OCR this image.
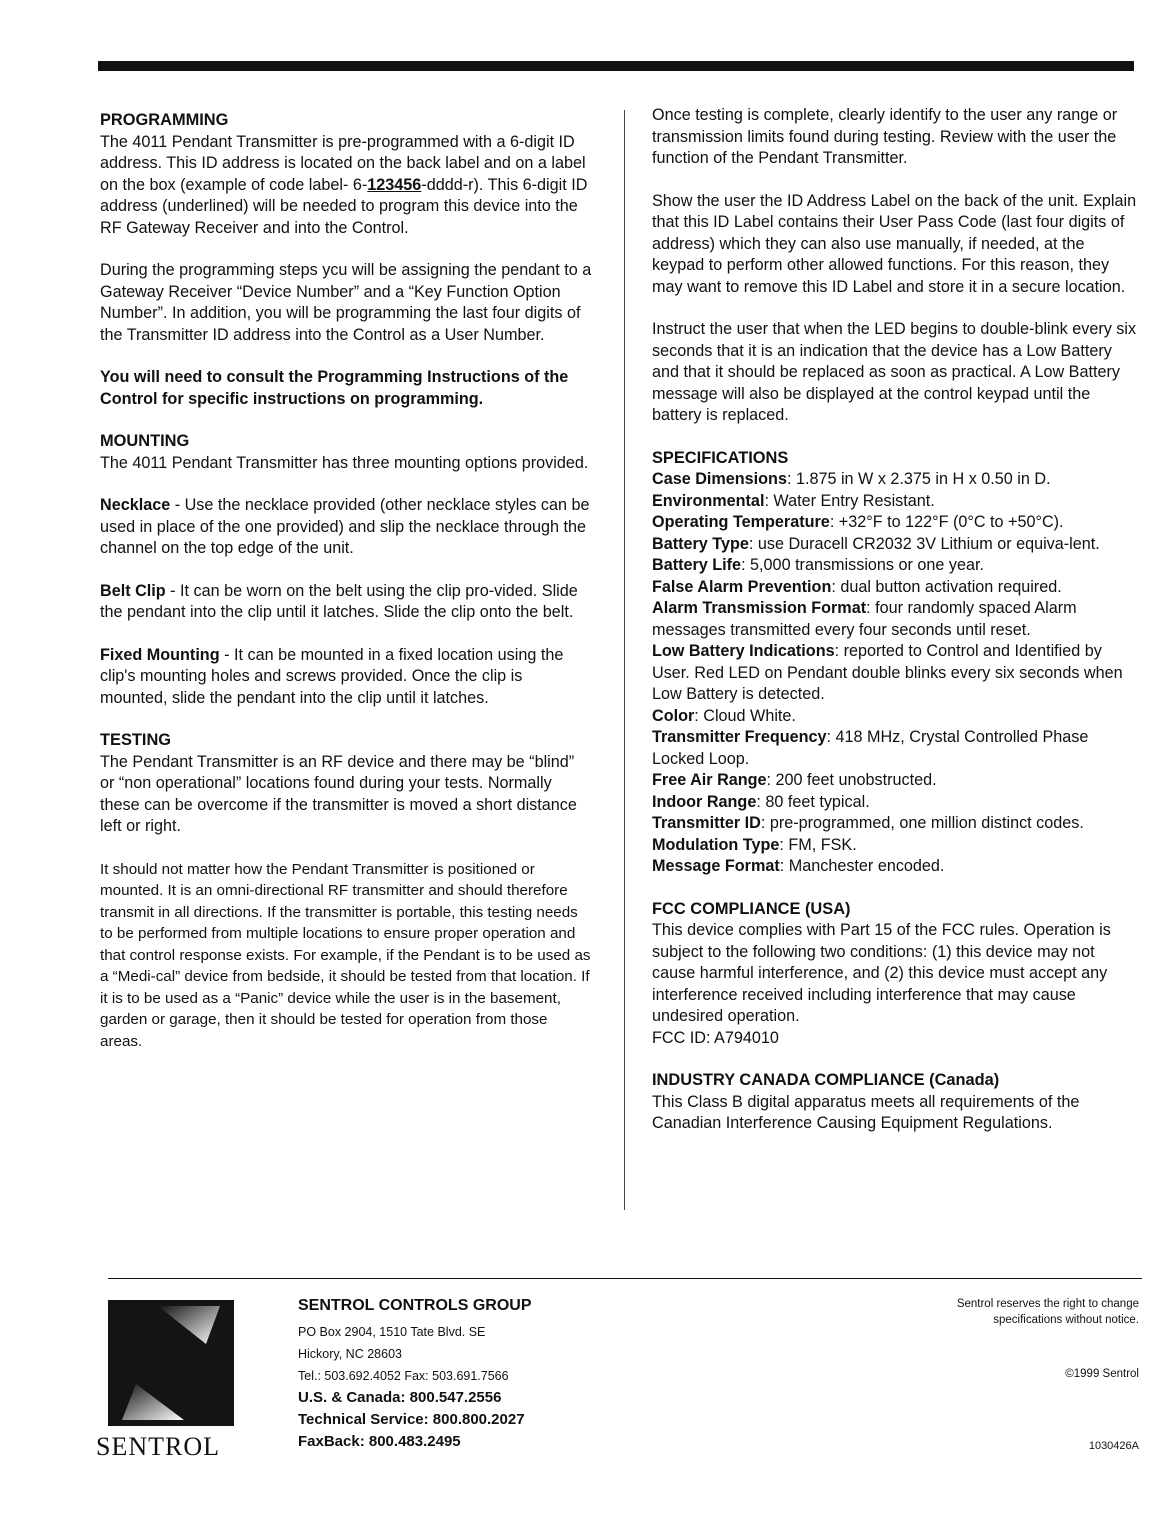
PROGRAMMING

The 4011 Pendant Transmitter is pre-programmed with a 6-digit ID address. This ID address is located on the back label and on a label on the box (example of code label- 6-123456-dddd-r). This 6-digit ID address (underlined) will be needed to program this device into the RF Gateway Receiver and into the Control.

During the programming steps ycu will be assigning the pendant to a Gateway Receiver “Device Number” and a “Key Function Option Number”. In addition, you will be programming the last four digits of the Transmitter ID address into the Control as a User Number.

You will need to consult the Programming Instructions of the Control for specific instructions on programming.

MOUNTING

The 4011 Pendant Transmitter has three mounting options provided.

Necklace - Use the necklace provided (other necklace styles can be used in place of the one provided) and slip the necklace through the channel on the top edge of the unit.

Belt Clip - It can be worn on the belt using the clip pro-vided. Slide the pendant into the clip until it latches. Slide the clip onto the belt.

Fixed Mounting - It can be mounted in a fixed location using the clip's mounting holes and screws provided. Once the clip is mounted, slide the pendant into the clip until it latches.

TESTING

The Pendant Transmitter is an RF device and there may be “blind” or “non operational” locations found during your tests. Normally these can be overcome if the transmitter is moved a short distance left or right.

It should not matter how the Pendant Transmitter is positioned or mounted. It is an omni-directional RF transmitter and should therefore transmit in all directions. If the transmitter is portable, this testing needs to be performed from multiple locations to ensure proper operation and that control response exists. For example, if the Pendant is to be used as a “Medi-cal” device from bedside, it should be tested from that location. If it is to be used as a “Panic” device while the user is in the basement, garden or garage, then it should be tested for operation from those areas.

Once testing is complete, clearly identify to the user any range or transmission limits found during testing. Review with the user the function of the Pendant Transmitter.

Show the user the ID Address Label on the back of the unit. Explain that this ID Label contains their User Pass Code (last four digits of address) which they can also use manually, if needed, at the keypad to perform other allowed functions. For this reason, they may want to remove this ID Label and store it in a secure location.

Instruct the user that when the LED begins to double-blink every six seconds that it is an indication that the device has a Low Battery and that it should be replaced as soon as practical. A Low Battery message will also be displayed at the control keypad until the battery is replaced.

SPECIFICATIONS

Case Dimensions: 1.875 in W x 2.375 in H x 0.50 in D.

Environmental: Water Entry Resistant.

Operating Temperature: +32°F to 122°F (0°C to +50°C).

Battery Type: use Duracell CR2032 3V Lithium or equiva-lent.

Battery Life: 5,000 transmissions or one year.

False Alarm Prevention: dual button activation required.

Alarm Transmission Format: four randomly spaced Alarm messages transmitted every four seconds until reset.

Low Battery Indications: reported to Control and Identified by User. Red LED on Pendant double blinks every six seconds when Low Battery is detected.

Color: Cloud White.

Transmitter Frequency: 418 MHz, Crystal Controlled Phase Locked Loop.

Free Air Range: 200 feet unobstructed.

Indoor Range: 80 feet typical.

Transmitter ID: pre-programmed, one million distinct codes.

Modulation Type: FM, FSK.

Message Format: Manchester encoded.

FCC COMPLIANCE (USA)

This device complies with Part 15 of the FCC rules. Operation is subject to the following two conditions: (1) this device may not cause harmful interference, and (2) this device must accept any interference received including interference that may cause undesired operation.
FCC ID: A794010

INDUSTRY CANADA COMPLIANCE (Canada)

This Class B digital apparatus meets all requirements of the Canadian Interference Causing Equipment Regulations.

SENTROL
SENTROL CONTROLS GROUP
PO Box 2904, 1510 Tate Blvd. SE
Hickory, NC 28603
Tel.: 503.692.4052 Fax: 503.691.7566
U.S. & Canada: 800.547.2556
Technical Service: 800.800.2027
FaxBack: 800.483.2495
Sentrol reserves the right to change specifications without notice.
©1999 Sentrol
1030426A
